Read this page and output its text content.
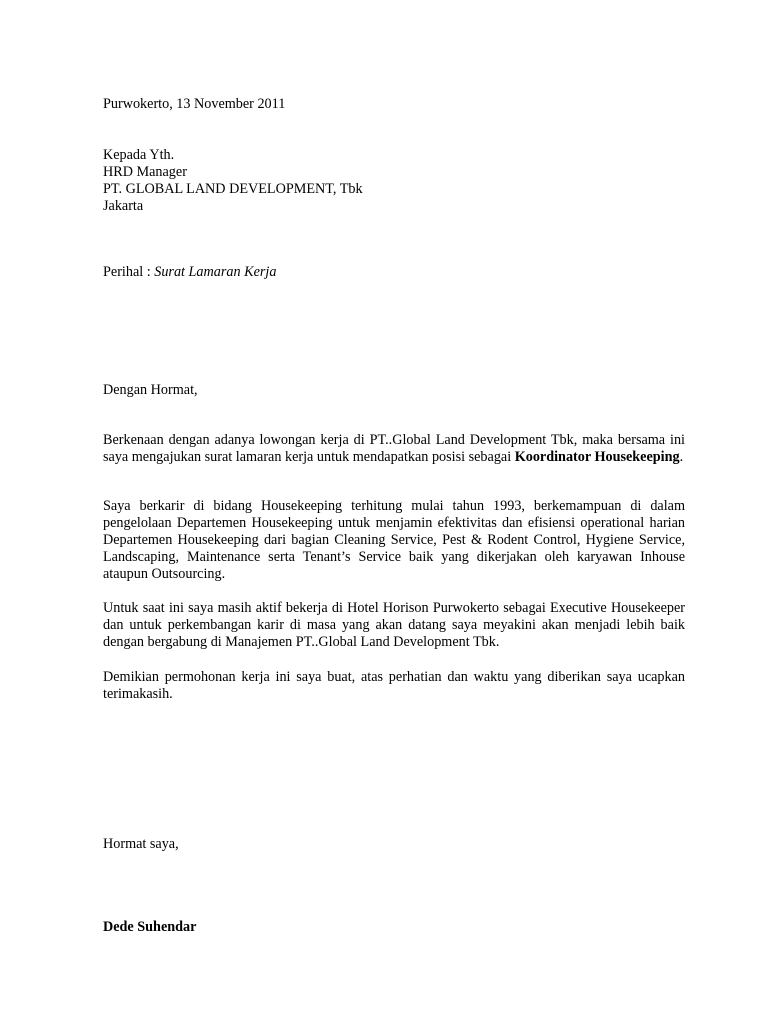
Purwokerto, 13 November 2011

Kepada Yth.

HRD Manager

PT. GLOBAL LAND DEVELOPMENT, Tbk

Jakarta

Perihal : Surat Lamaran Kerja

Dengan Hormat,

Berkenaan dengan adanya lowongan kerja di PT..Global Land Development Tbk, maka bersama ini saya mengajukan surat lamaran kerja untuk mendapatkan posisi sebagai Koordinator Housekeeping.

Saya berkarir di bidang Housekeeping terhitung mulai tahun 1993, berkemampuan di dalam pengelolaan Departemen Housekeeping untuk menjamin efektivitas dan efisiensi operational harian Departemen Housekeeping dari bagian Cleaning Service, Pest & Rodent Control, Hygiene Service, Landscaping, Maintenance serta Tenant’s Service baik yang dikerjakan oleh karyawan Inhouse ataupun Outsourcing.

Untuk saat ini saya masih aktif bekerja di Hotel Horison Purwokerto sebagai Executive Housekeeper dan untuk perkembangan karir di masa yang akan datang saya meyakini akan menjadi lebih baik dengan bergabung di Manajemen PT..Global Land Development Tbk.

Demikian permohonan kerja ini saya buat, atas perhatian dan waktu yang diberikan saya ucapkan terimakasih.

Hormat saya,

Dede Suhendar
